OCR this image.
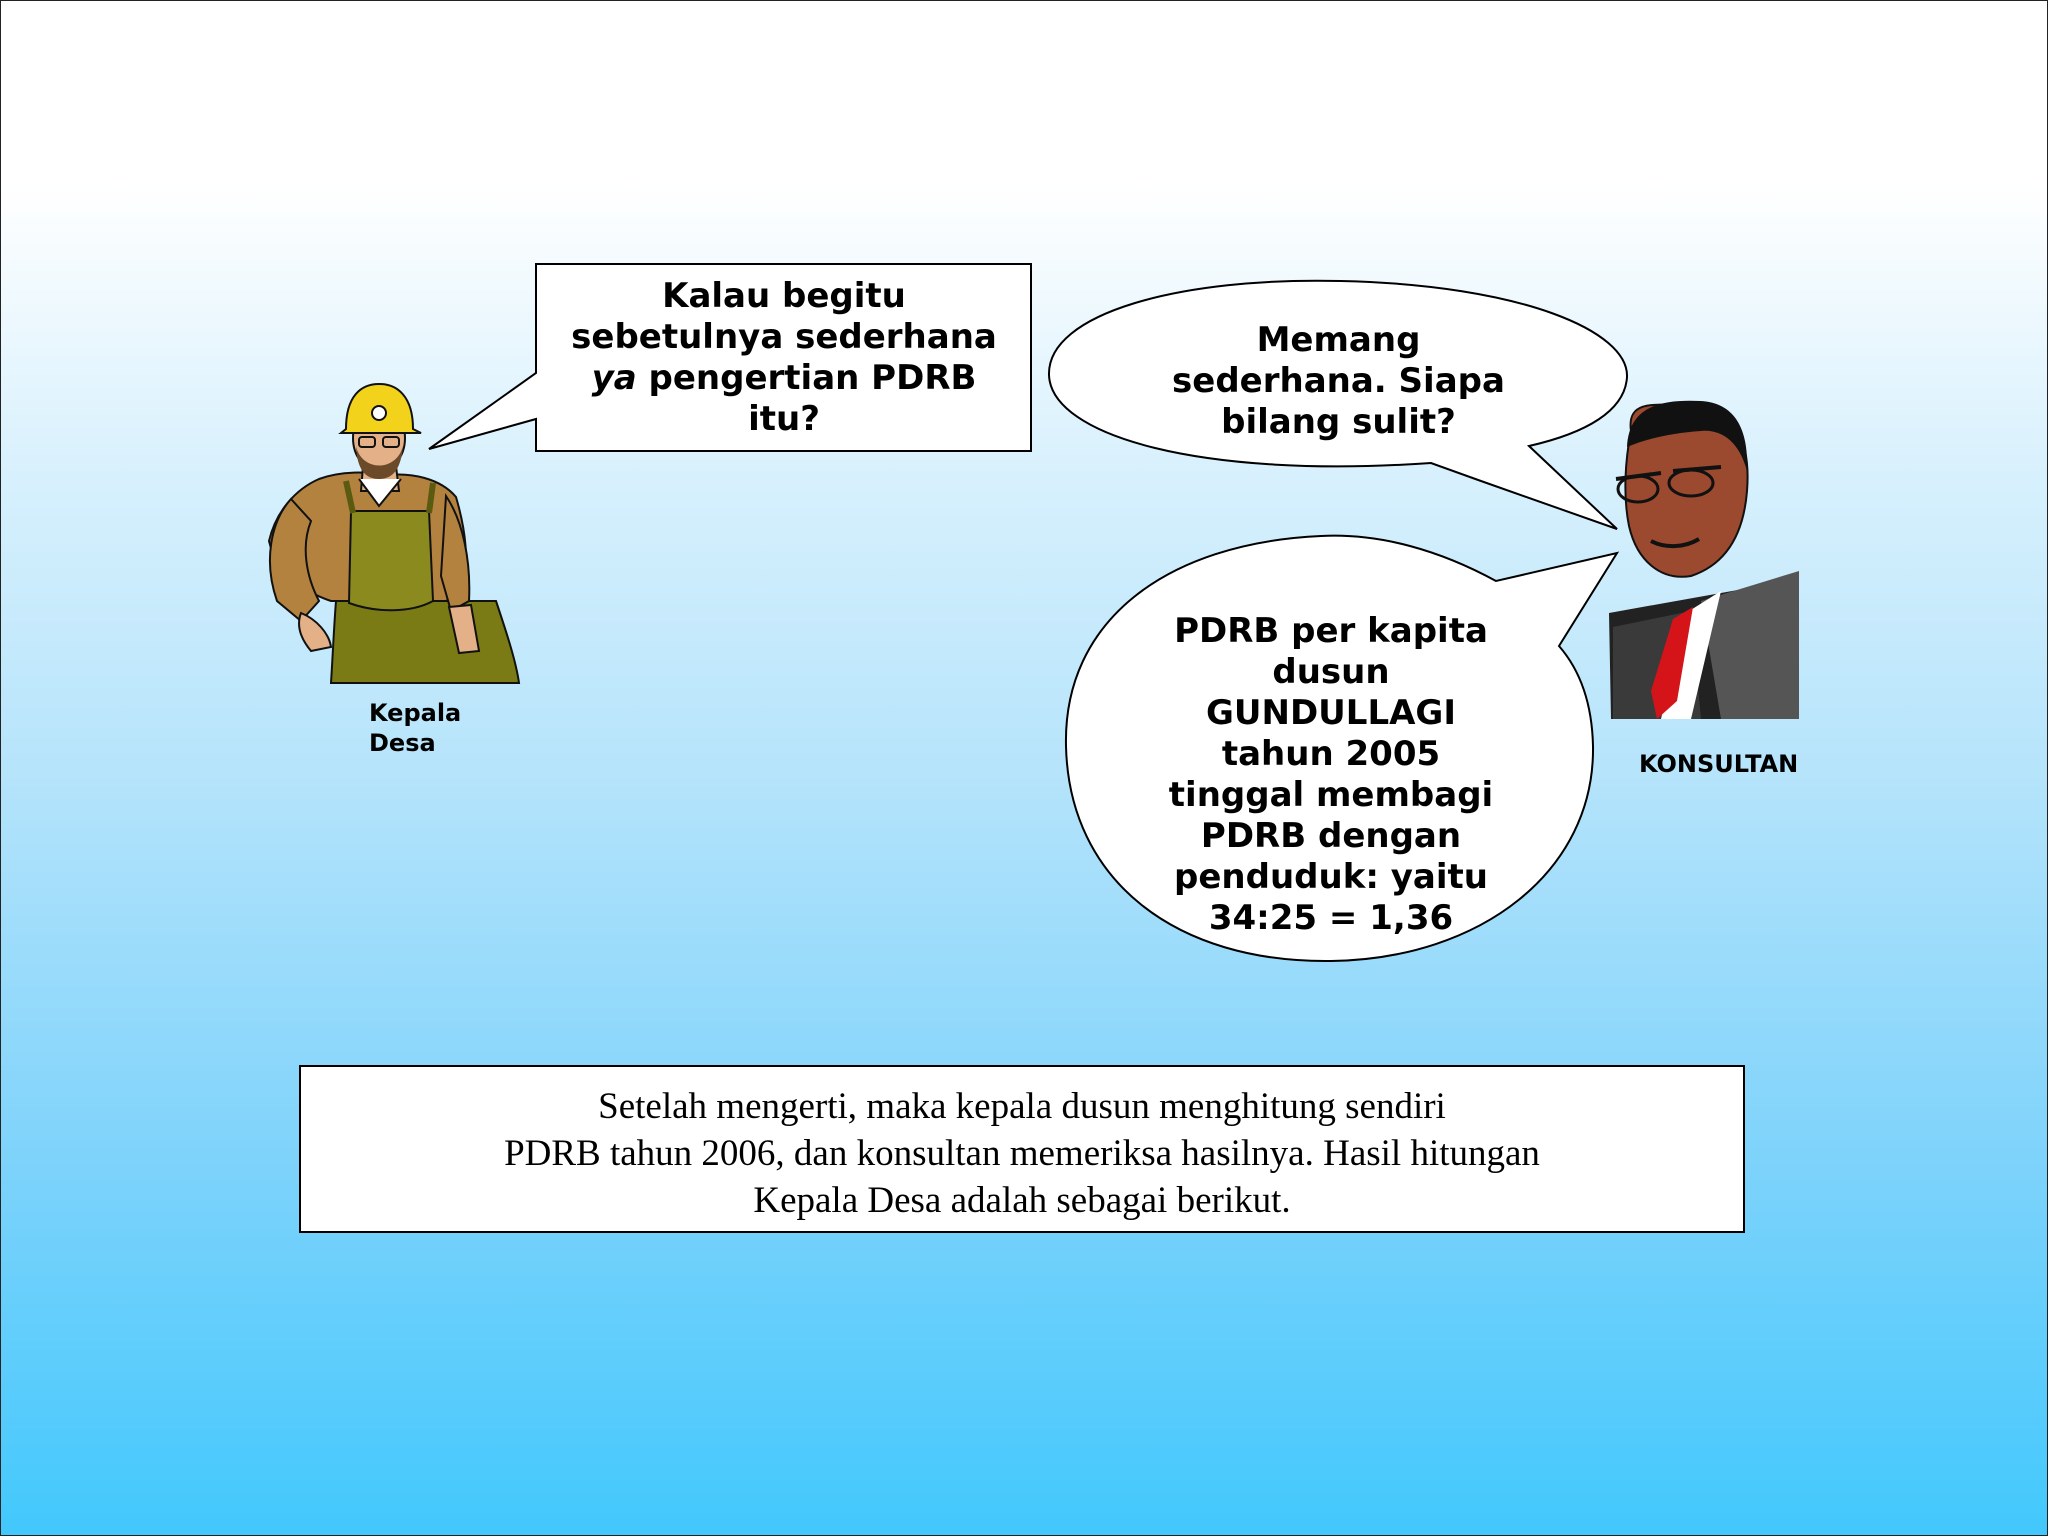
Kalau begitu
sebetulnya sederhana
ya pengertian PDRB
itu?

Memang
sederhana. Siapa
bilang sulit?

PDRB per kapita
dusun
GUNDULLAGI
tahun 2005
tinggal membagi
PDRB dengan
penduduk: yaitu
34:25 = 1,36

Kepala
Desa

KONSULTAN

Setelah mengerti, maka kepala dusun menghitung sendiri
PDRB tahun 2006, dan konsultan memeriksa hasilnya. Hasil hitungan
Kepala Desa adalah sebagai berikut.
